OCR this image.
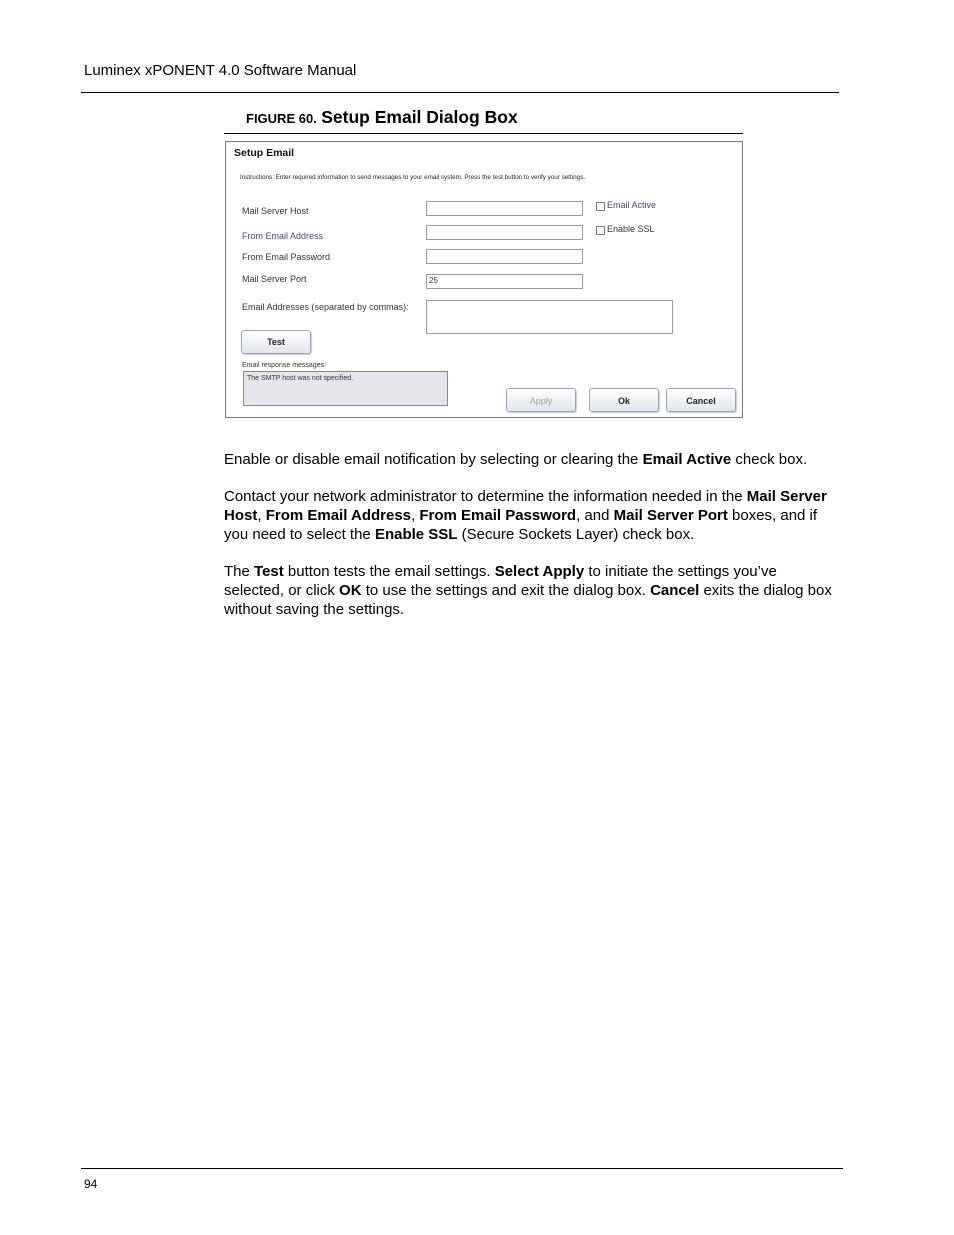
Luminex xPONENT 4.0 Software Manual
FIGURE 60. Setup Email Dialog Box
Setup Email
Instructions: Enter required information to send messages to your email system. Press the test button to verify your settings.
Mail Server Host
From Email Address
From Email Password
Mail Server Port	25
Email Addresses (separated by commas):
Email Active
Enable SSL
Test
Email response messages:
The SMTP host was not specified.
Apply	Ok	Cancel

Enable or disable email notification by selecting or clearing the Email Active check box.

Contact your network administrator to determine the information needed in the Mail Server Host, From Email Address, From Email Password, and Mail Server Port boxes, and if you need to select the Enable SSL (Secure Sockets Layer) check box.

The Test button tests the email settings. Select Apply to initiate the settings you’ve selected, or click OK to use the settings and exit the dialog box. Cancel exits the dialog box without saving the settings.

94
